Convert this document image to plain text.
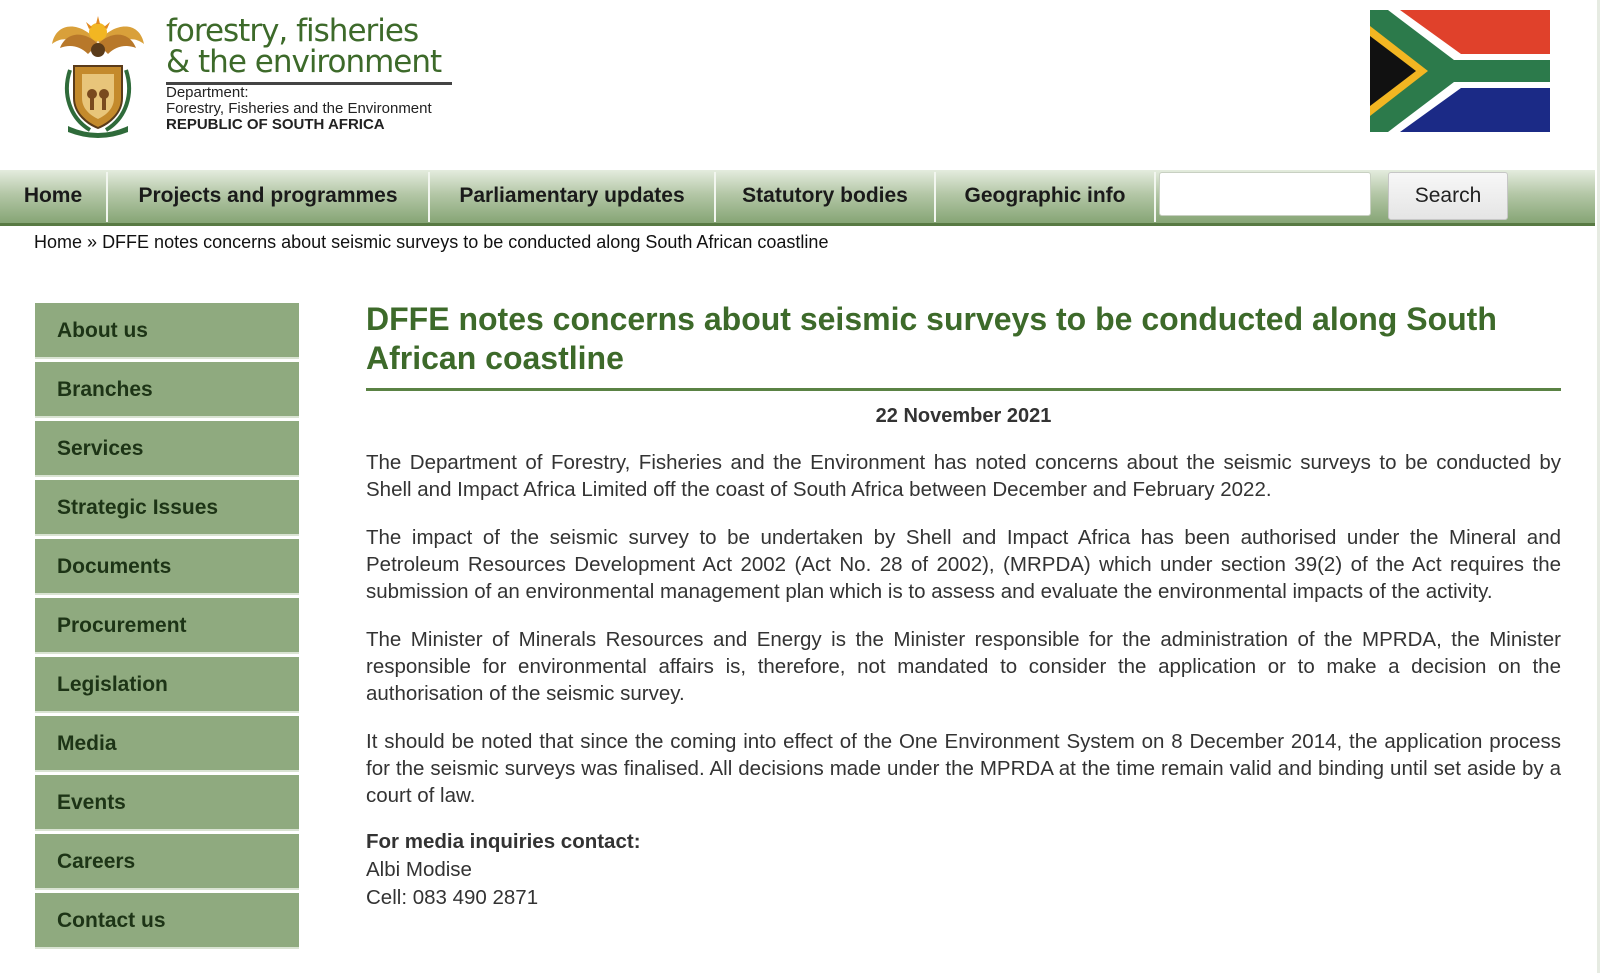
forestry, fisheries
& the environment
Department:
Forestry, Fisheries and the Environment
REPUBLIC OF SOUTH AFRICA
Home	Projects and programmes	Parliamentary updates	Statutory bodies	Geographic info	Search
Home » DFFE notes concerns about seismic surveys to be conducted along South African coastline
About us
Branches
Services
Strategic Issues
Documents
Procurement
Legislation
Media
Events
Careers
Contact us
DFFE notes concerns about seismic surveys to be conducted along South African coastline
22 November 2021

The Department of Forestry, Fisheries and the Environment has noted concerns about the seismic surveys to be conducted by Shell and Impact Africa Limited off the coast of South Africa between December and February 2022.

The impact of the seismic survey to be undertaken by Shell and Impact Africa has been authorised under the Mineral and Petroleum Resources Development Act 2002 (Act No. 28 of 2002), (MRPDA) which under section 39(2) of the Act requires the submission of an environmental management plan which is to assess and evaluate the environmental impacts of the activity.

The Minister of Minerals Resources and Energy is the Minister responsible for the administration of the MPRDA, the Minister responsible for environmental affairs is, therefore, not mandated to consider the application or to make a decision on the authorisation of the seismic survey.

It should be noted that since the coming into effect of the One Environment System on 8 December 2014, the application process for the seismic surveys was finalised. All decisions made under the MPRDA at the time remain valid and binding until set aside by a court of law.

For media inquiries contact:
Albi Modise
Cell: 083 490 2871
